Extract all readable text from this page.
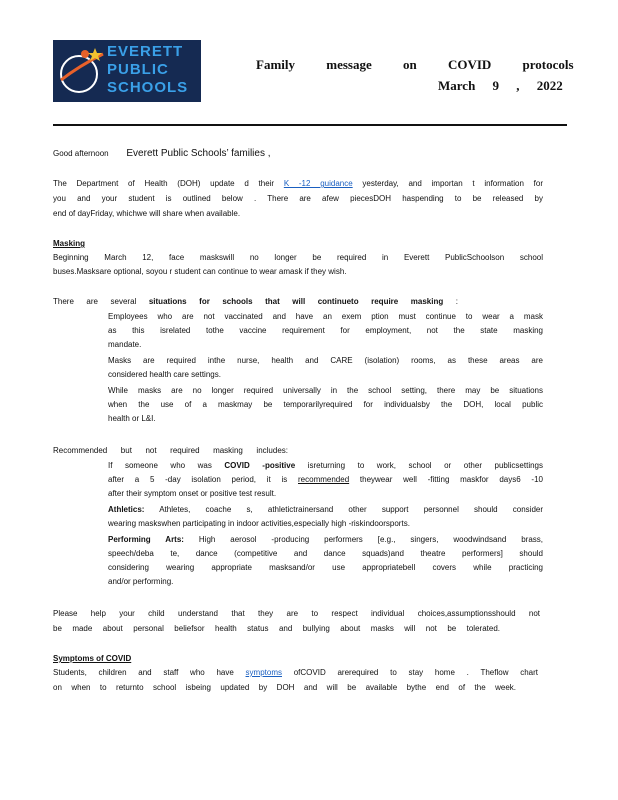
EVERETT
PUBLIC
SCHOOLS
Family message on COVID protocols
March 9 , 2022
Good afternoon Everett Public Schools’ families ,
The Department of Health (DOH) update d their K -12 guidance yesterday, and importan t information for
you and your student is outlined below . There are afew piecesDOH haspending to be released by
end of dayFriday, whichwe will share when available.
Masking
Beginning March 12, face maskswill no longer be required in Everett PublicSchoolson school
buses.Masksare optional, soyou r student can continue to wear amask if they wish.
There are several situations for schools that will continueto require masking :
Employees who are not vaccinated and have an exem ption must continue to wear a mask
as this isrelated tothe vaccine requirement for employment, not the state masking
mandate.
Masks are required inthe nurse, health and CARE (isolation) rooms, as these areas are
considered health care settings.
While masks are no longer required universally in the school setting, there may be situations
when the use of a maskmay be temporarilyrequired for individualsby the DOH, local public
health or L&I.
Recommended but not required masking includes:
If someone who was COVID -positive isreturning to work, school or other publicsettings
after a 5 -day isolation period, it is recommended theywear well -fitting maskfor days6 -10
after their symptom onset or positive test result.
Athletics: Athletes, coache s, athletictrainersand other support personnel should consider
wearing maskswhen participating in indoor activities,especially high -riskindoorsports.
Performing Arts: High aerosol -producing performers [e.g., singers, woodwindsand brass,
speech/deba te, dance (competitive and dance squads)and theatre performers] should
considering wearing appropriate masksand/or use appropriatebell covers while practicing
and/or performing.
Please help your child understand that they are to respect individual choices,assumptionsshould not
be made about personal beliefsor health status and bullying about masks will not be tolerated.
Symptoms of COVID
Students, children and staff who have symptoms ofCOVID arerequired to stay home . Theflow chart
on when to returnto school isbeing updated by DOH and will be available bythe end of the week.
